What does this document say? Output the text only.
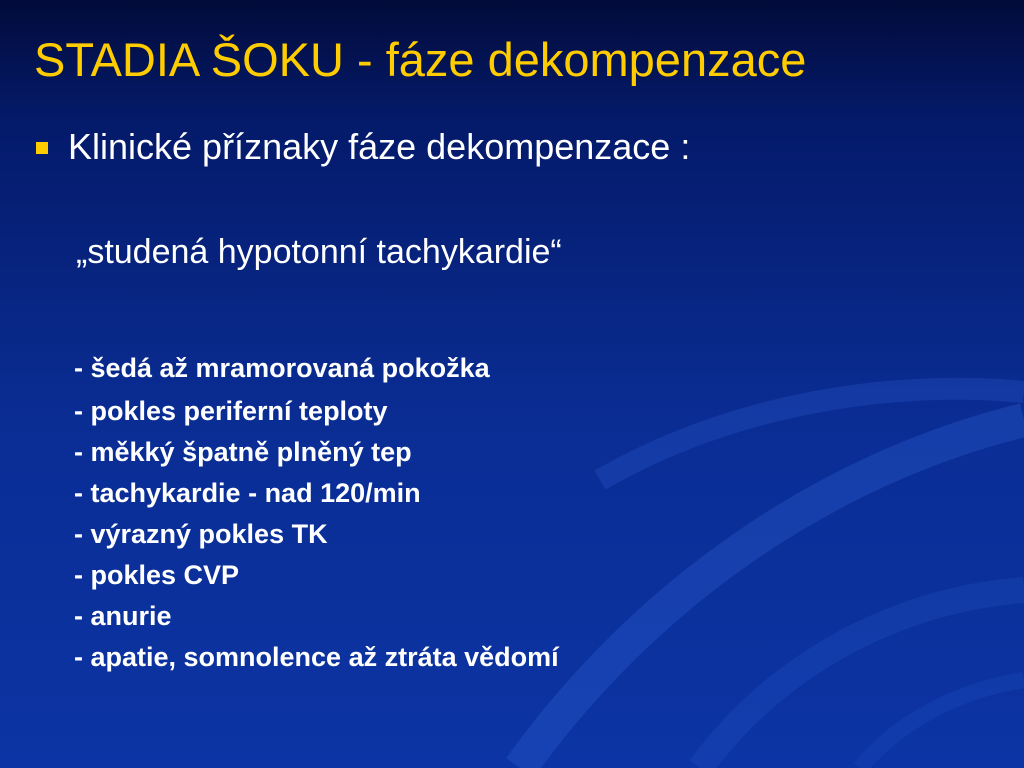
STADIA ŠOKU - fáze dekompenzace
Klinické příznaky fáze dekompenzace :
„studená hypotonní tachykardie“
- šedá až mramorovaná pokožka
- pokles periferní teploty
- měkký špatně plněný tep
- tachykardie - nad 120/min
- výrazný pokles TK
- pokles CVP
- anurie
- apatie, somnolence až ztráta vědomí
